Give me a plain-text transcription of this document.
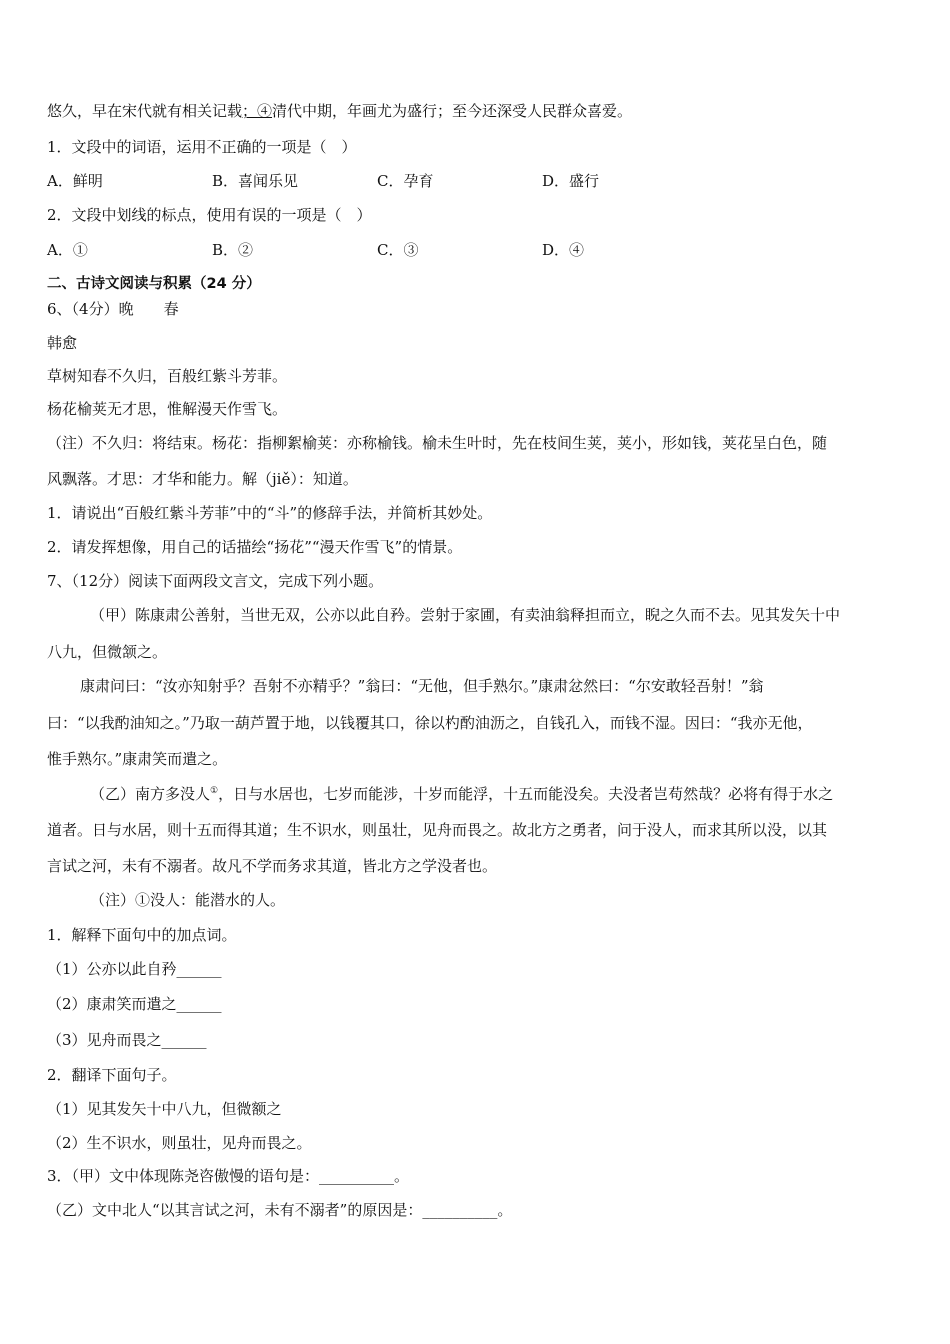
悠久，早在宋代就有相关记载；④清代中期，年画尤为盛行；至今还深受人民群众喜爱。
1．文段中的词语，运用不正确的一项是（　）
A．鲜明	B．喜闻乐见	C．孕育	D．盛行
2．文段中划线的标点，使用有误的一项是（　）
A．①	B．②	C．③	D．④
二、古诗文阅读与积累（24 分）
6、（4分）晚　　春
韩愈
草树知春不久归，百般红紫斗芳菲。
杨花榆荚无才思，惟解漫天作雪飞。
（注）不久归：将结束。杨花：指柳絮榆荚：亦称榆钱。榆未生叶时，先在枝间生荚，荚小，形如钱，荚花呈白色，随
风飘落。才思：才华和能力。解（jiě）：知道。
1．请说出“百般红紫斗芳菲”中的“斗”的修辞手法，并简析其妙处。
2．请发挥想像，用自己的话描绘“扬花”“漫天作雪飞”的情景。
7、（12分）阅读下面两段文言文，完成下列小题。
（甲）陈康肃公善射，当世无双，公亦以此自矜。尝射于家圃，有卖油翁释担而立，睨之久而不去。见其发矢十中
八九，但微颔之。
康肃问曰：“汝亦知射乎？吾射不亦精乎？”翁曰：“无他，但手熟尔。”康肃忿然曰：“尔安敢轻吾射！”翁
曰：“以我酌油知之。”乃取一葫芦置于地，以钱覆其口，徐以杓酌油沥之，自钱孔入，而钱不湿。因曰：“我亦无他，
惟手熟尔。”康肃笑而遣之。
（乙）南方多没人①，日与水居也，七岁而能涉，十岁而能浮，十五而能没矣。夫没者岂苟然哉？必将有得于水之
道者。日与水居，则十五而得其道；生不识水，则虽壮，见舟而畏之。故北方之勇者，问于没人，而求其所以没，以其
言试之河，未有不溺者。故凡不学而务求其道，皆北方之学没者也。
（注）①没人：能潜水的人。
1．解释下面句中的加点词。
（1）公亦以此自矜______
（2）康肃笑而遣之______
（3）见舟而畏之______
2．翻译下面句子。
（1）见其发矢十中八九，但微额之
（2）生不识水，则虽壮，见舟而畏之。
3．（甲）文中体现陈尧咨傲慢的语句是：__________。
（乙）文中北人“以其言试之河，未有不溺者”的原因是：__________。
